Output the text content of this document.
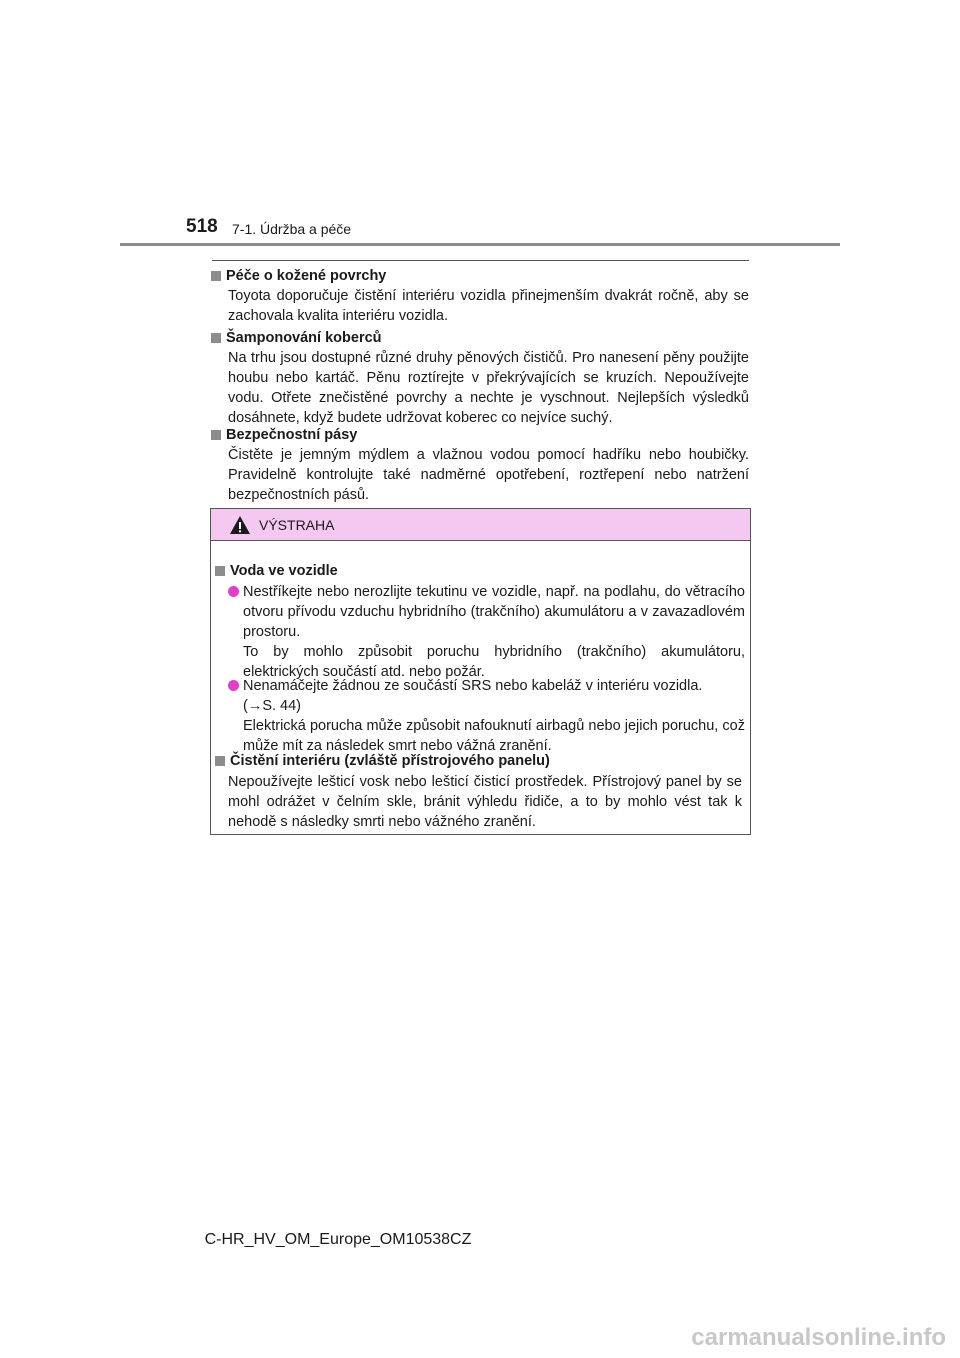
518 7-1. Údržba a péče
Péče o kožené povrchy
Toyota doporučuje čistění interiéru vozidla přinejmenším dvakrát ročně, aby se zachovala kvalita interiéru vozidla.
Šamponování koberců
Na trhu jsou dostupné různé druhy pěnových čističů. Pro nanesení pěny použijte houbu nebo kartáč. Pěnu roztírejte v překrývajících se kruzích. Nepoužívejte vodu. Otřete znečistěné povrchy a nechte je vyschnout. Nejlepších výsledků dosáhnete, když budete udržovat koberec co nejvíce suchý.
Bezpečnostní pásy
Čistěte je jemným mýdlem a vlažnou vodou pomocí hadříku nebo houbičky. Pravidelně kontrolujte také nadměrné opotřebení, roztřepení nebo natržení bezpečnostních pásů.
VÝSTRAHA
Voda ve vozidle
Nestříkejte nebo nerozlijte tekutinu ve vozidle, např. na podlahu, do větracího otvoru přívodu vzduchu hybridního (trakčního) akumulátoru a v zavazadlovém prostoru.
To by mohlo způsobit poruchu hybridního (trakčního) akumulátoru, elektrických součástí atd. nebo požár.
Nenamáčejte žádnou ze součástí SRS nebo kabeláž v interiéru vozidla.
(→S. 44)
Elektrická porucha může způsobit nafouknutí airbagů nebo jejich poruchu, což může mít za následek smrt nebo vážná zranění.
Čistění interiéru (zvláště přístrojového panelu)
Nepoužívejte lešticí vosk nebo lešticí čisticí prostředek. Přístrojový panel by se mohl odrážet v čelním skle, bránit výhledu řidiče, a to by mohlo vést tak k nehodě s následky smrti nebo vážného zranění.
C-HR_HV_OM_Europe_OM10538CZ
carmanualsonline.info
